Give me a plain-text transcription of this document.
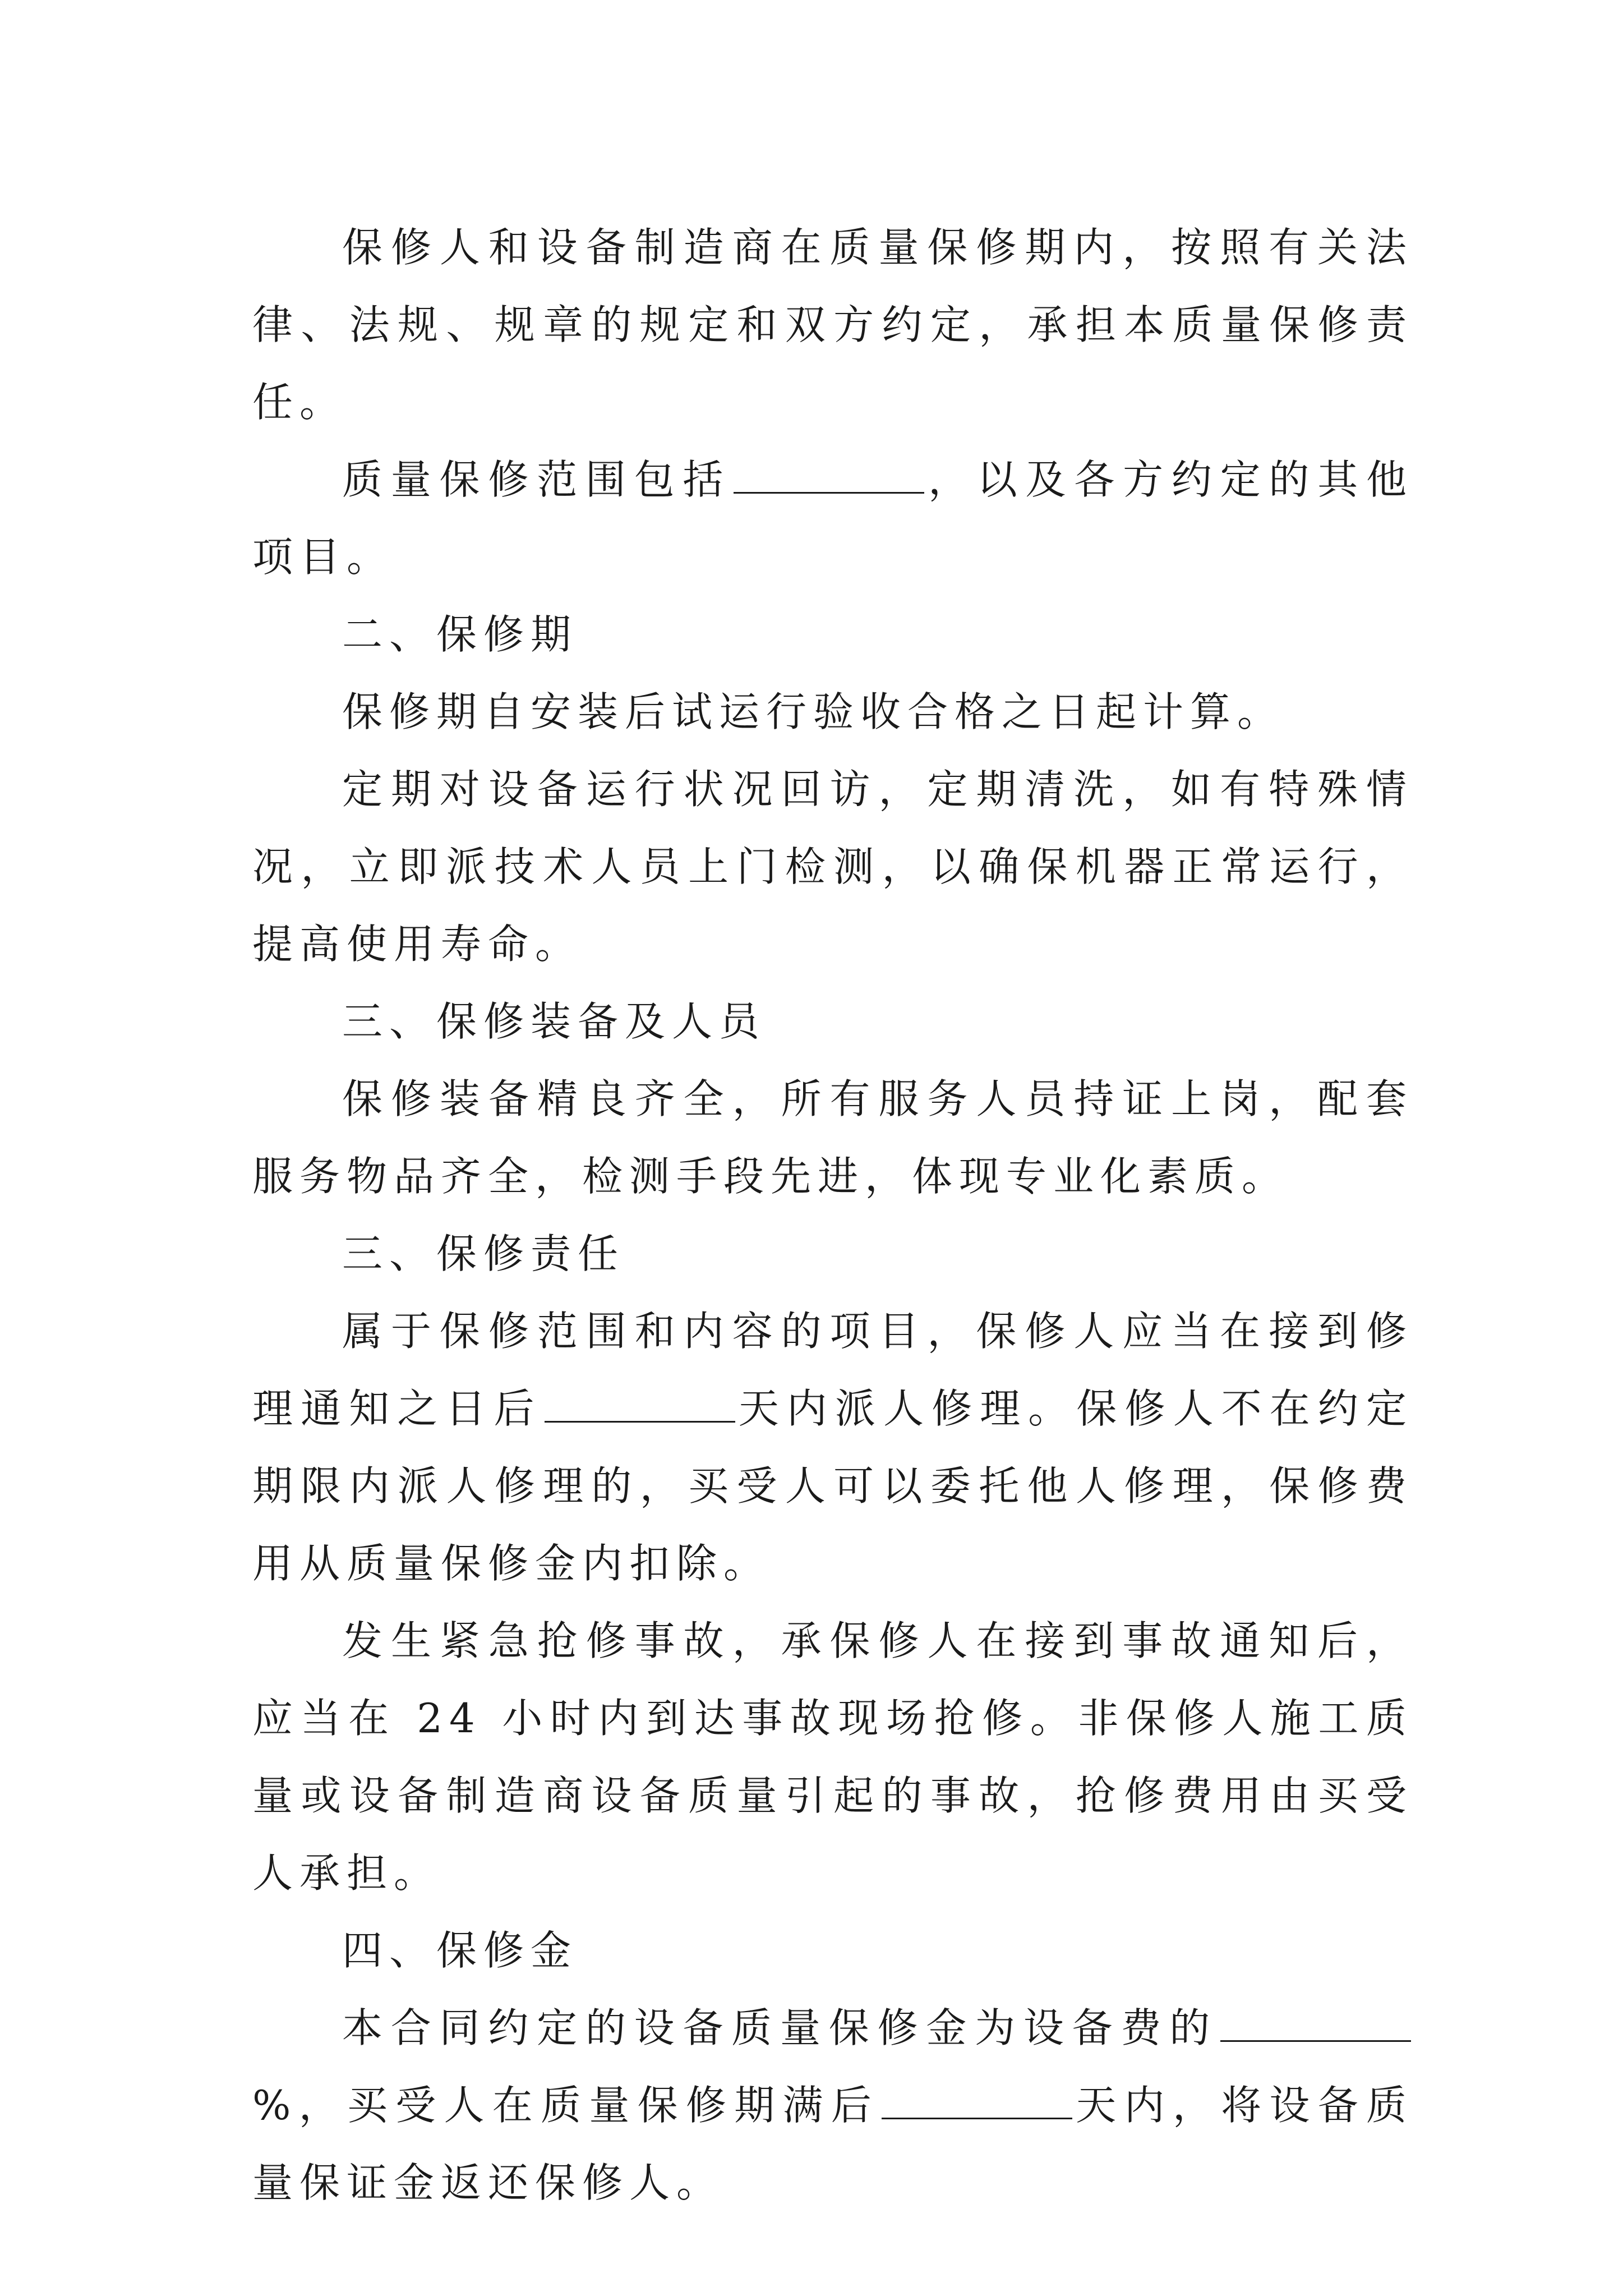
保修人和设备制造商在质量保修期内，按照有关法律、法规、规章的规定和双方约定，承担本质量保修责任。

质量保修范围包括	，以及各方约定的其他项目。

二、保修期

保修期自安装后试运行验收合格之日起计算。

定期对设备运行状况回访，定期清洗，如有特殊情况，立即派技术人员上门检测，以确保机器正常运行，提高使用寿命。

三、保修装备及人员

保修装备精良齐全，所有服务人员持证上岗，配套服务物品齐全，检测手段先进，体现专业化素质。

三、保修责任

属于保修范围和内容的项目，保修人应当在接到修理通知之日后	天内派人修理。保修人不在约定期限内派人修理的，买受人可以委托他人修理，保修费用从质量保修金内扣除。

发生紧急抢修事故，承保修人在接到事故通知后，应当在 24 小时内到达事故现场抢修。非保修人施工质量或设备制造商设备质量引起的事故，抢修费用由买受人承担。

四、保修金

本合同约定的设备质量保修金为设备费的%，买受人在质量保修期满后	天内，将设备质量保证金返还保修人。
